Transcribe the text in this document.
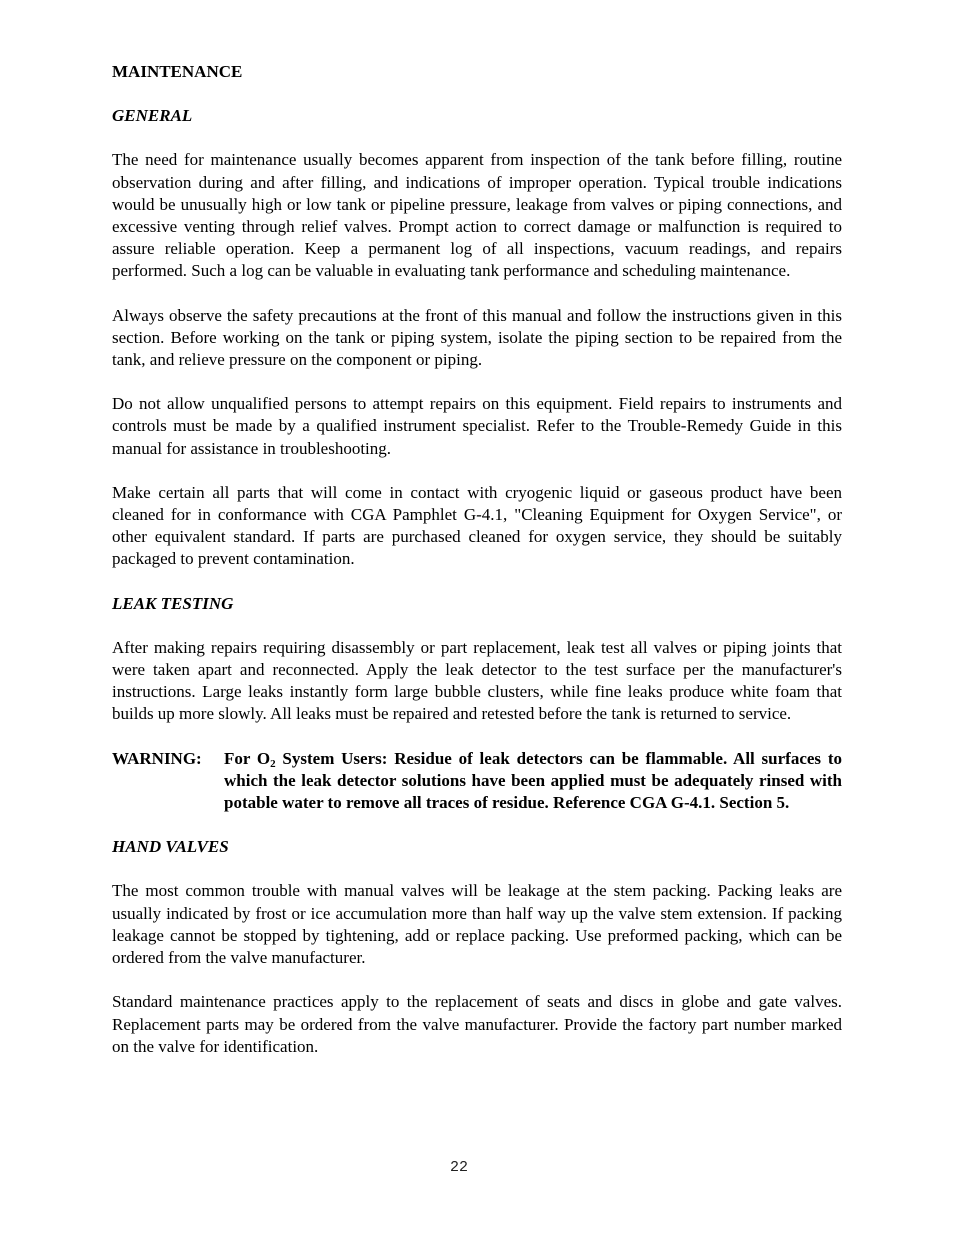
MAINTENANCE
GENERAL

The need for maintenance usually becomes apparent from inspection of the tank before filling, routine observation during and after filling, and indications of improper operation. Typical trouble indications would be unusually high or low tank or pipeline pressure, leakage from valves or piping connections, and excessive venting through relief valves. Prompt action to correct damage or malfunction is required to assure reliable operation. Keep a permanent log of all inspections, vacuum readings, and repairs performed. Such a log can be valuable in evaluating tank performance and scheduling maintenance.

Always observe the safety precautions at the front of this manual and follow the instructions given in this section. Before working on the tank or piping system, isolate the piping section to be repaired from the tank, and relieve pressure on the component or piping.

Do not allow unqualified persons to attempt repairs on this equipment. Field repairs to instruments and controls must be made by a qualified instrument specialist. Refer to the Trouble-Remedy Guide in this manual for assistance in troubleshooting.

Make certain all parts that will come in contact with cryogenic liquid or gaseous product have been cleaned for in conformance with CGA Pamphlet G-4.1, "Cleaning Equipment for Oxygen Service", or other equivalent standard. If parts are purchased cleaned for oxygen service, they should be suitably packaged to prevent contamination.

LEAK TESTING

After making repairs requiring disassembly or part replacement, leak test all valves or piping joints that were taken apart and reconnected. Apply the leak detector to the test surface per the manufacturer's instructions. Large leaks instantly form large bubble clusters, while fine leaks produce white foam that builds up more slowly. All leaks must be repaired and retested before the tank is returned to service.

WARNING:	For $O_2$ System Users: Residue of leak detectors can be flammable. All surfaces to which the leak detector solutions have been applied must be adequately rinsed with potable water to remove all traces of residue. Reference CGA G-4.1. Section 5.
HAND VALVES

The most common trouble with manual valves will be leakage at the stem packing. Packing leaks are usually indicated by frost or ice accumulation more than half way up the valve stem extension. If packing leakage cannot be stopped by tightening, add or replace packing. Use preformed packing, which can be ordered from the valve manufacturer.

Standard maintenance practices apply to the replacement of seats and discs in globe and gate valves. Replacement parts may be ordered from the valve manufacturer. Provide the factory part number marked on the valve for identification.

22
